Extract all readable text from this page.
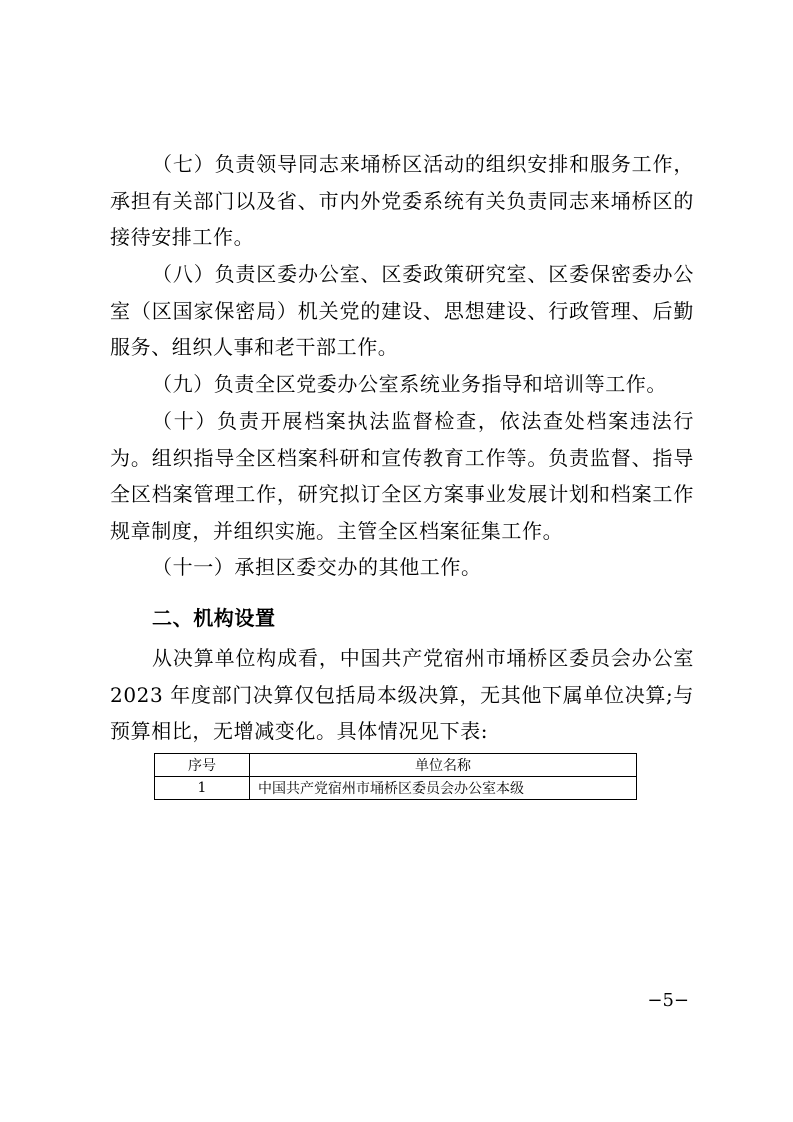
（七）负责领导同志来埇桥区活动的组织安排和服务工作，承担有关部门以及省、市内外党委系统有关负责同志来埇桥区的接待安排工作。

（八）负责区委办公室、区委政策研究室、区委保密委办公室（区国家保密局）机关党的建设、思想建设、行政管理、后勤服务、组织人事和老干部工作。

（九）负责全区党委办公室系统业务指导和培训等工作。

（十）负责开展档案执法监督检查，依法查处档案违法行为。组织指导全区档案科研和宣传教育工作等。负责监督、指导全区档案管理工作，研究拟订全区方案事业发展计划和档案工作规章制度，并组织实施。主管全区档案征集工作。

（十一）承担区委交办的其他工作。

二、机构设置

从决算单位构成看，中国共产党宿州市埇桥区委员会办公室2023 年度部门决算仅包括局本级决算，无其他下属单位决算;与预算相比，无增减变化。具体情况见下表:

序号	单位名称
1	中国共产党宿州市埇桥区委员会办公室本级
−5−
